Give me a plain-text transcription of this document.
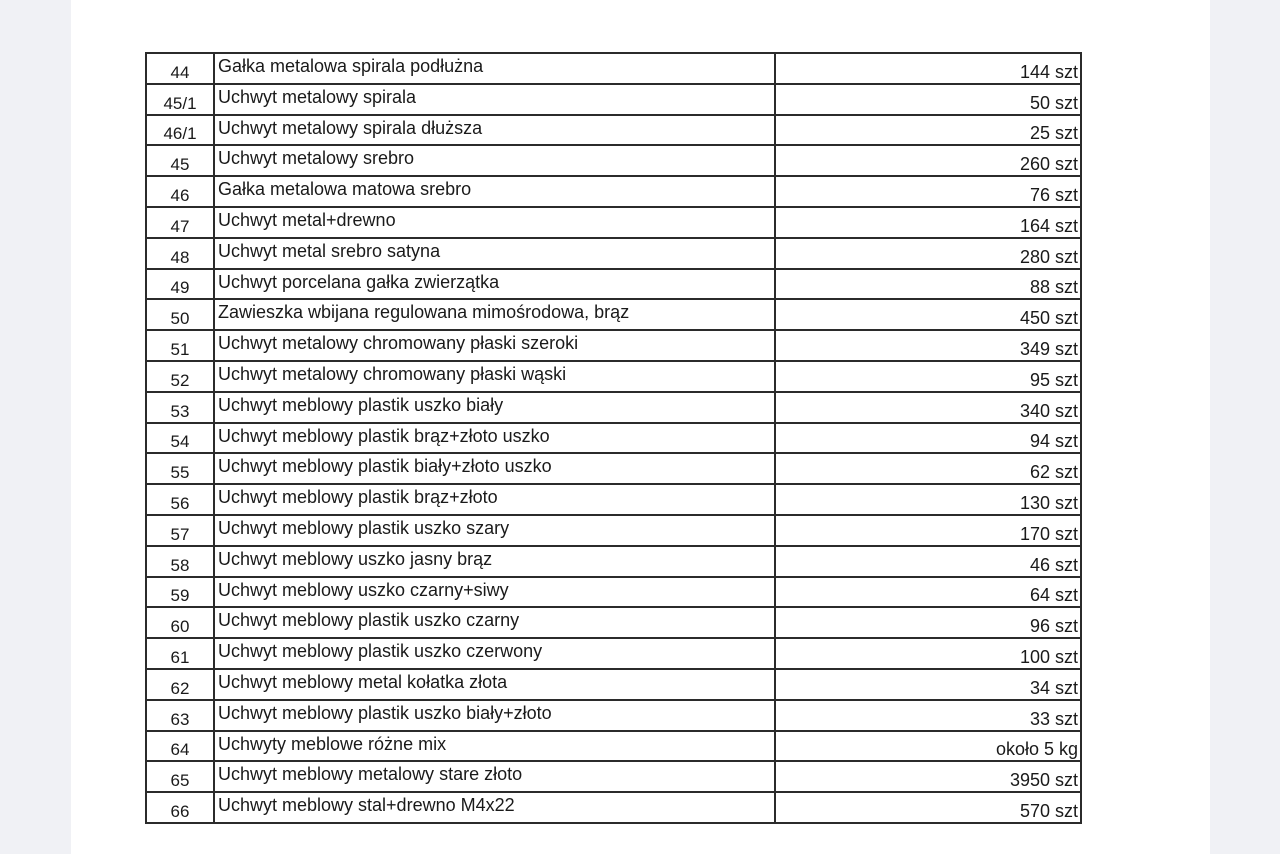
44	Gałka metalowa spirala podłużna	144 szt
45/1	Uchwyt metalowy spirala	50 szt
46/1	Uchwyt metalowy spirala dłuższa	25 szt
45	Uchwyt metalowy srebro	260 szt
46	Gałka metalowa matowa srebro	76 szt
47	Uchwyt metal+drewno	164 szt
48	Uchwyt metal srebro satyna	280 szt
49	Uchwyt porcelana gałka zwierzątka	88 szt
50	Zawieszka wbijana regulowana mimośrodowa, brąz	450 szt
51	Uchwyt metalowy chromowany płaski szeroki	349 szt
52	Uchwyt metalowy chromowany płaski wąski	95 szt
53	Uchwyt meblowy plastik uszko biały	340 szt
54	Uchwyt meblowy plastik brąz+złoto uszko	94 szt
55	Uchwyt meblowy plastik biały+złoto uszko	62 szt
56	Uchwyt meblowy plastik brąz+złoto	130 szt
57	Uchwyt meblowy plastik uszko szary	170 szt
58	Uchwyt meblowy uszko jasny brąz	46 szt
59	Uchwyt meblowy uszko czarny+siwy	64 szt
60	Uchwyt meblowy plastik uszko czarny	96 szt
61	Uchwyt meblowy plastik uszko czerwony	100 szt
62	Uchwyt meblowy metal kołatka złota	34 szt
63	Uchwyt meblowy plastik uszko biały+złoto	33 szt
64	Uchwyty meblowe różne mix	około 5 kg
65	Uchwyt meblowy metalowy stare złoto	3950 szt
66	Uchwyt meblowy stal+drewno M4x22	570 szt
